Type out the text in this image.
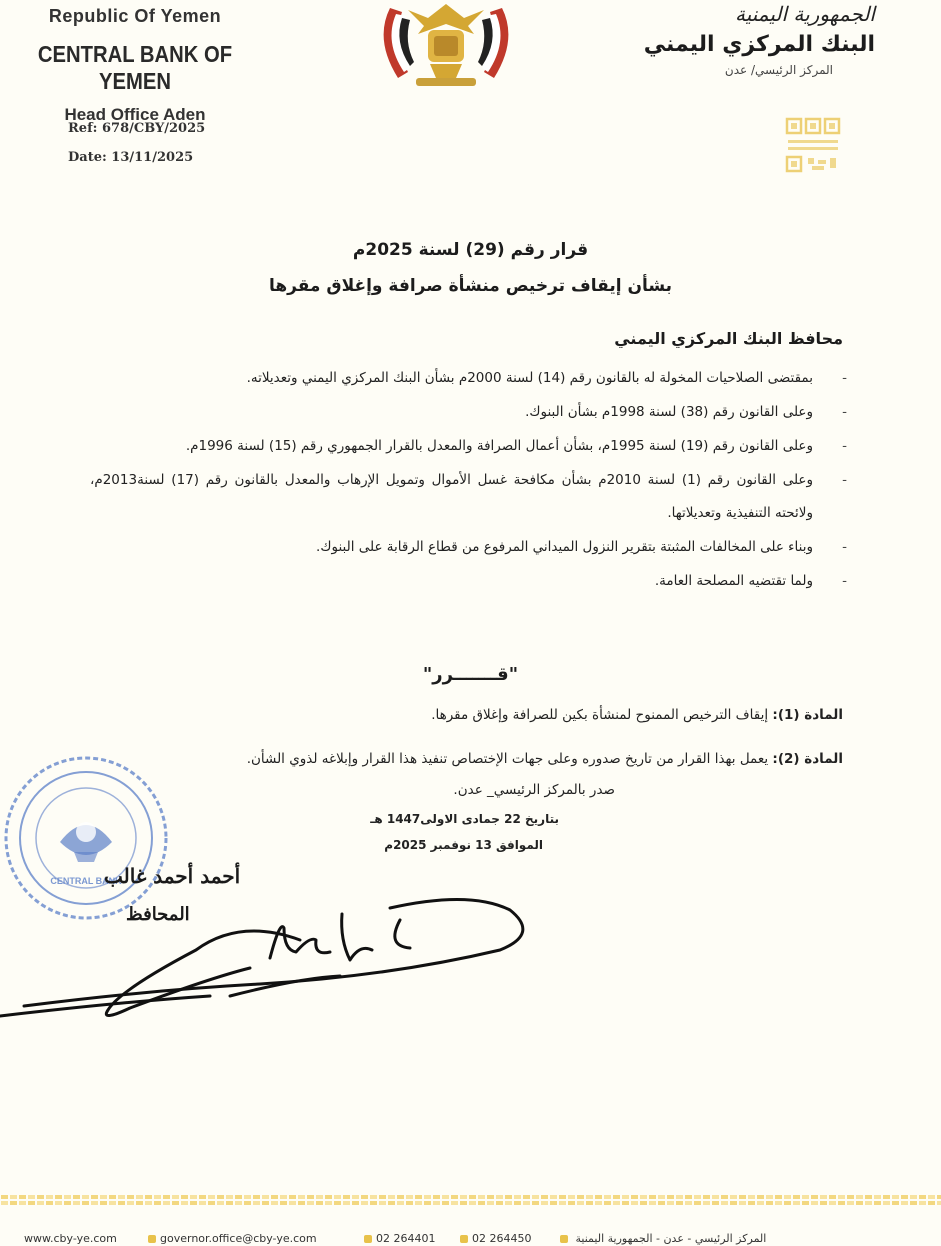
Republic Of Yemen
CENTRAL BANK OF YEMEN
Head Office Aden
Ref: 678/CBY/2025
Date: 13/11/2025
الجمهورية اليمنية
البنك المركزي اليمني
المركز الرئيسي/ عدن
قرار رقم (29) لسنة 2025م
بشأن إيقاف ترخيص منشأة صرافة وإغلاق مقرها
محافظ البنك المركزي اليمني
- بمقتضى الصلاحيات المخولة له بالقانون رقم (14) لسنة 2000م بشأن البنك المركزي اليمني وتعديلاته.
- وعلى القانون رقم (38) لسنة 1998م بشأن البنوك.
- وعلى القانون رقم (19) لسنة 1995م، بشأن أعمال الصرافة والمعدل بالقرار الجمهوري رقم (15) لسنة 1996م.
- وعلى القانون رقم (1) لسنة 2010م بشأن مكافحة غسل الأموال وتمويل الإرهاب والمعدل بالقانون رقم (17) لسنة2013م، ولائحته التنفيذية وتعديلاتها.
- وبناء على المخالفات المثبتة بتقرير النزول الميداني المرفوع من قطاع الرقابة على البنوك.
- ولما تقتضيه المصلحة العامة.
"قـــــــرر"
المادة (1): إيقاف الترخيص الممنوح لمنشأة بكين للصرافة وإغلاق مقرها.
المادة (2): يعمل بهذا القرار من تاريخ صدوره وعلى جهات الإختصاص تنفيذ هذا القرار وإبلاغه لذوي الشأن.
صدر بالمركز الرئيسي_ عدن.
بتاريخ 22 جمادى الاولى1447 هـ
الموافق 13 نوفمبر 2025م
CENTRAL BANK
أحمد أحمد غالب
المحافظ
www.cby-ye.com	governor.office@cby-ye.com	02 264401	02 264450	المركز الرئيسي - عدن - الجمهورية اليمنية
